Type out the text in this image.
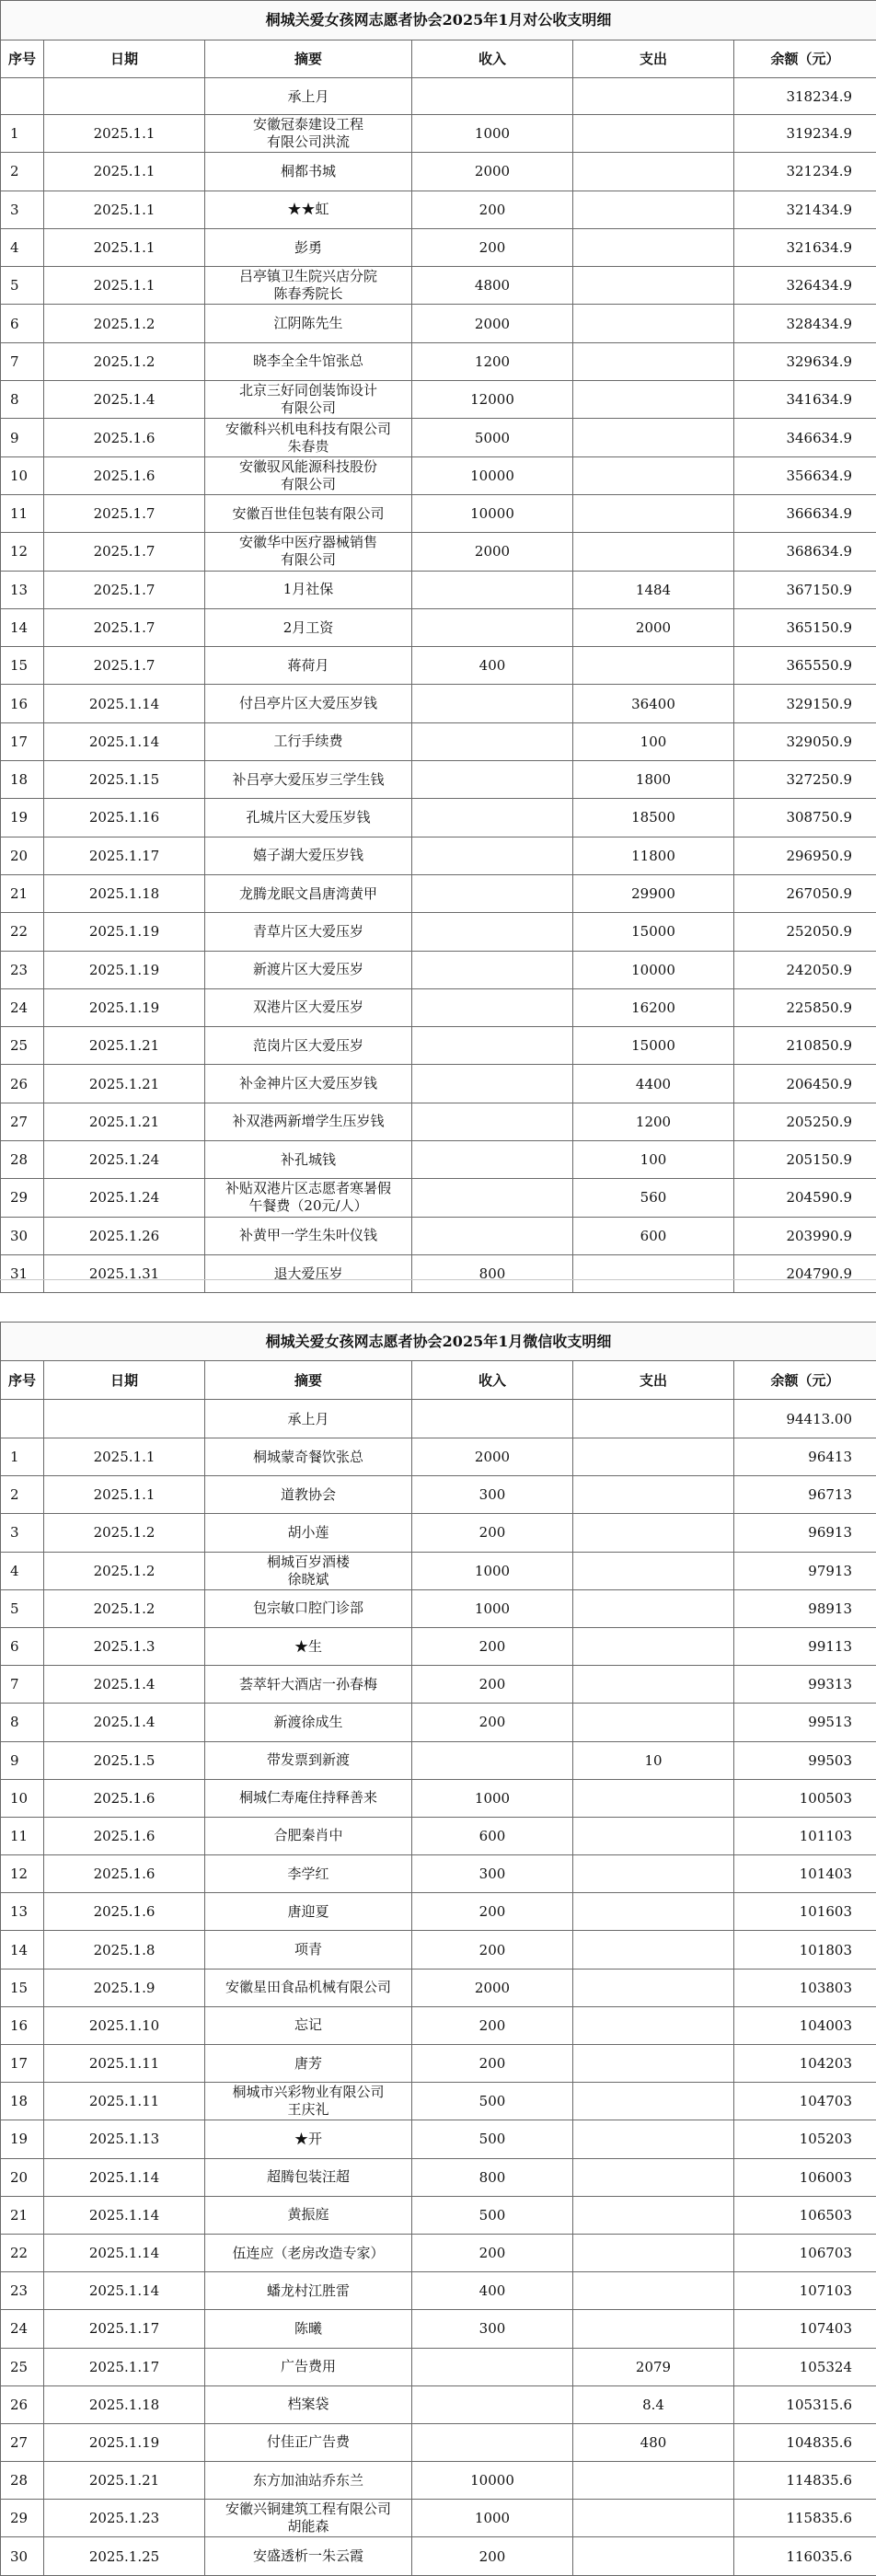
桐城关爱女孩网志愿者协会2025年1月对公收支明细					
序号	日期	摘要	收入	支出	余额（元）
		承上月			318234.9
1	2025.1.1	安徽冠泰建设工程
有限公司洪流	1000		319234.9
2	2025.1.1	桐都书城	2000		321234.9
3	2025.1.1	★★虹	200		321434.9
4	2025.1.1	彭勇	200		321634.9
5	2025.1.1	吕亭镇卫生院兴店分院
陈春秀院长	4800		326434.9
6	2025.1.2	江阴陈先生	2000		328434.9
7	2025.1.2	晓李全全牛馆张总	1200		329634.9
8	2025.1.4	北京三好同创装饰设计
有限公司	12000		341634.9
9	2025.1.6	安徽科兴机电科技有限公司
朱春贵	5000		346634.9
10	2025.1.6	安徽驭风能源科技股份
有限公司	10000		356634.9
11	2025.1.7	安徽百世佳包装有限公司	10000		366634.9
12	2025.1.7	安徽华中医疗器械销售
有限公司	2000		368634.9
13	2025.1.7	1月社保		1484	367150.9
14	2025.1.7	2月工资		2000	365150.9
15	2025.1.7	蒋荷月	400		365550.9
16	2025.1.14	付吕亭片区大爱压岁钱		36400	329150.9
17	2025.1.14	工行手续费		100	329050.9
18	2025.1.15	补吕亭大爱压岁三学生钱		1800	327250.9
19	2025.1.16	孔城片区大爱压岁钱		18500	308750.9
20	2025.1.17	嬉子湖大爱压岁钱		11800	296950.9
21	2025.1.18	龙腾龙眠文昌唐湾黄甲		29900	267050.9
22	2025.1.19	青草片区大爱压岁		15000	252050.9
23	2025.1.19	新渡片区大爱压岁		10000	242050.9
24	2025.1.19	双港片区大爱压岁		16200	225850.9
25	2025.1.21	范岗片区大爱压岁		15000	210850.9
26	2025.1.21	补金神片区大爱压岁钱		4400	206450.9
27	2025.1.21	补双港两新增学生压岁钱		1200	205250.9
28	2025.1.24	补孔城钱		100	205150.9
29	2025.1.24	补贴双港片区志愿者寒暑假
午餐费（20元/人）		560	204590.9
30	2025.1.26	补黄甲一学生朱叶仪钱		600	203990.9
31	2025.1.31	退大爱压岁	800		204790.9
桐城关爱女孩网志愿者协会2025年1月微信收支明细					
序号	日期	摘要	收入	支出	余额（元）
		承上月			94413.00
1	2025.1.1	桐城蒙奇餐饮张总	2000		96413
2	2025.1.1	道教协会	300		96713
3	2025.1.2	胡小莲	200		96913
4	2025.1.2	桐城百岁酒楼
徐晓斌	1000		97913
5	2025.1.2	包宗敏口腔门诊部	1000		98913
6	2025.1.3	★生	200		99113
7	2025.1.4	荟萃轩大酒店一孙春梅	200		99313
8	2025.1.4	新渡徐成生	200		99513
9	2025.1.5	带发票到新渡		10	99503
10	2025.1.6	桐城仁寿庵住持释善来	1000		100503
11	2025.1.6	合肥秦肖中	600		101103
12	2025.1.6	李学红	300		101403
13	2025.1.6	唐迎夏	200		101603
14	2025.1.8	项青	200		101803
15	2025.1.9	安徽星田食品机械有限公司	2000		103803
16	2025.1.10	忘记	200		104003
17	2025.1.11	唐芳	200		104203
18	2025.1.11	桐城市兴彩物业有限公司
王庆礼	500		104703
19	2025.1.13	★开	500		105203
20	2025.1.14	超腾包装汪超	800		106003
21	2025.1.14	黄振庭	500		106503
22	2025.1.14	伍连应（老房改造专家）	200		106703
23	2025.1.14	蟠龙村江胜雷	400		107103
24	2025.1.17	陈曦	300		107403
25	2025.1.17	广告费用		2079	105324
26	2025.1.18	档案袋		8.4	105315.6
27	2025.1.19	付佳正广告费		480	104835.6
28	2025.1.21	东方加油站乔东兰	10000		114835.6
29	2025.1.23	安徽兴铜建筑工程有限公司
胡能森	1000		115835.6
30	2025.1.25	安盛透析一朱云霞	200		116035.6
